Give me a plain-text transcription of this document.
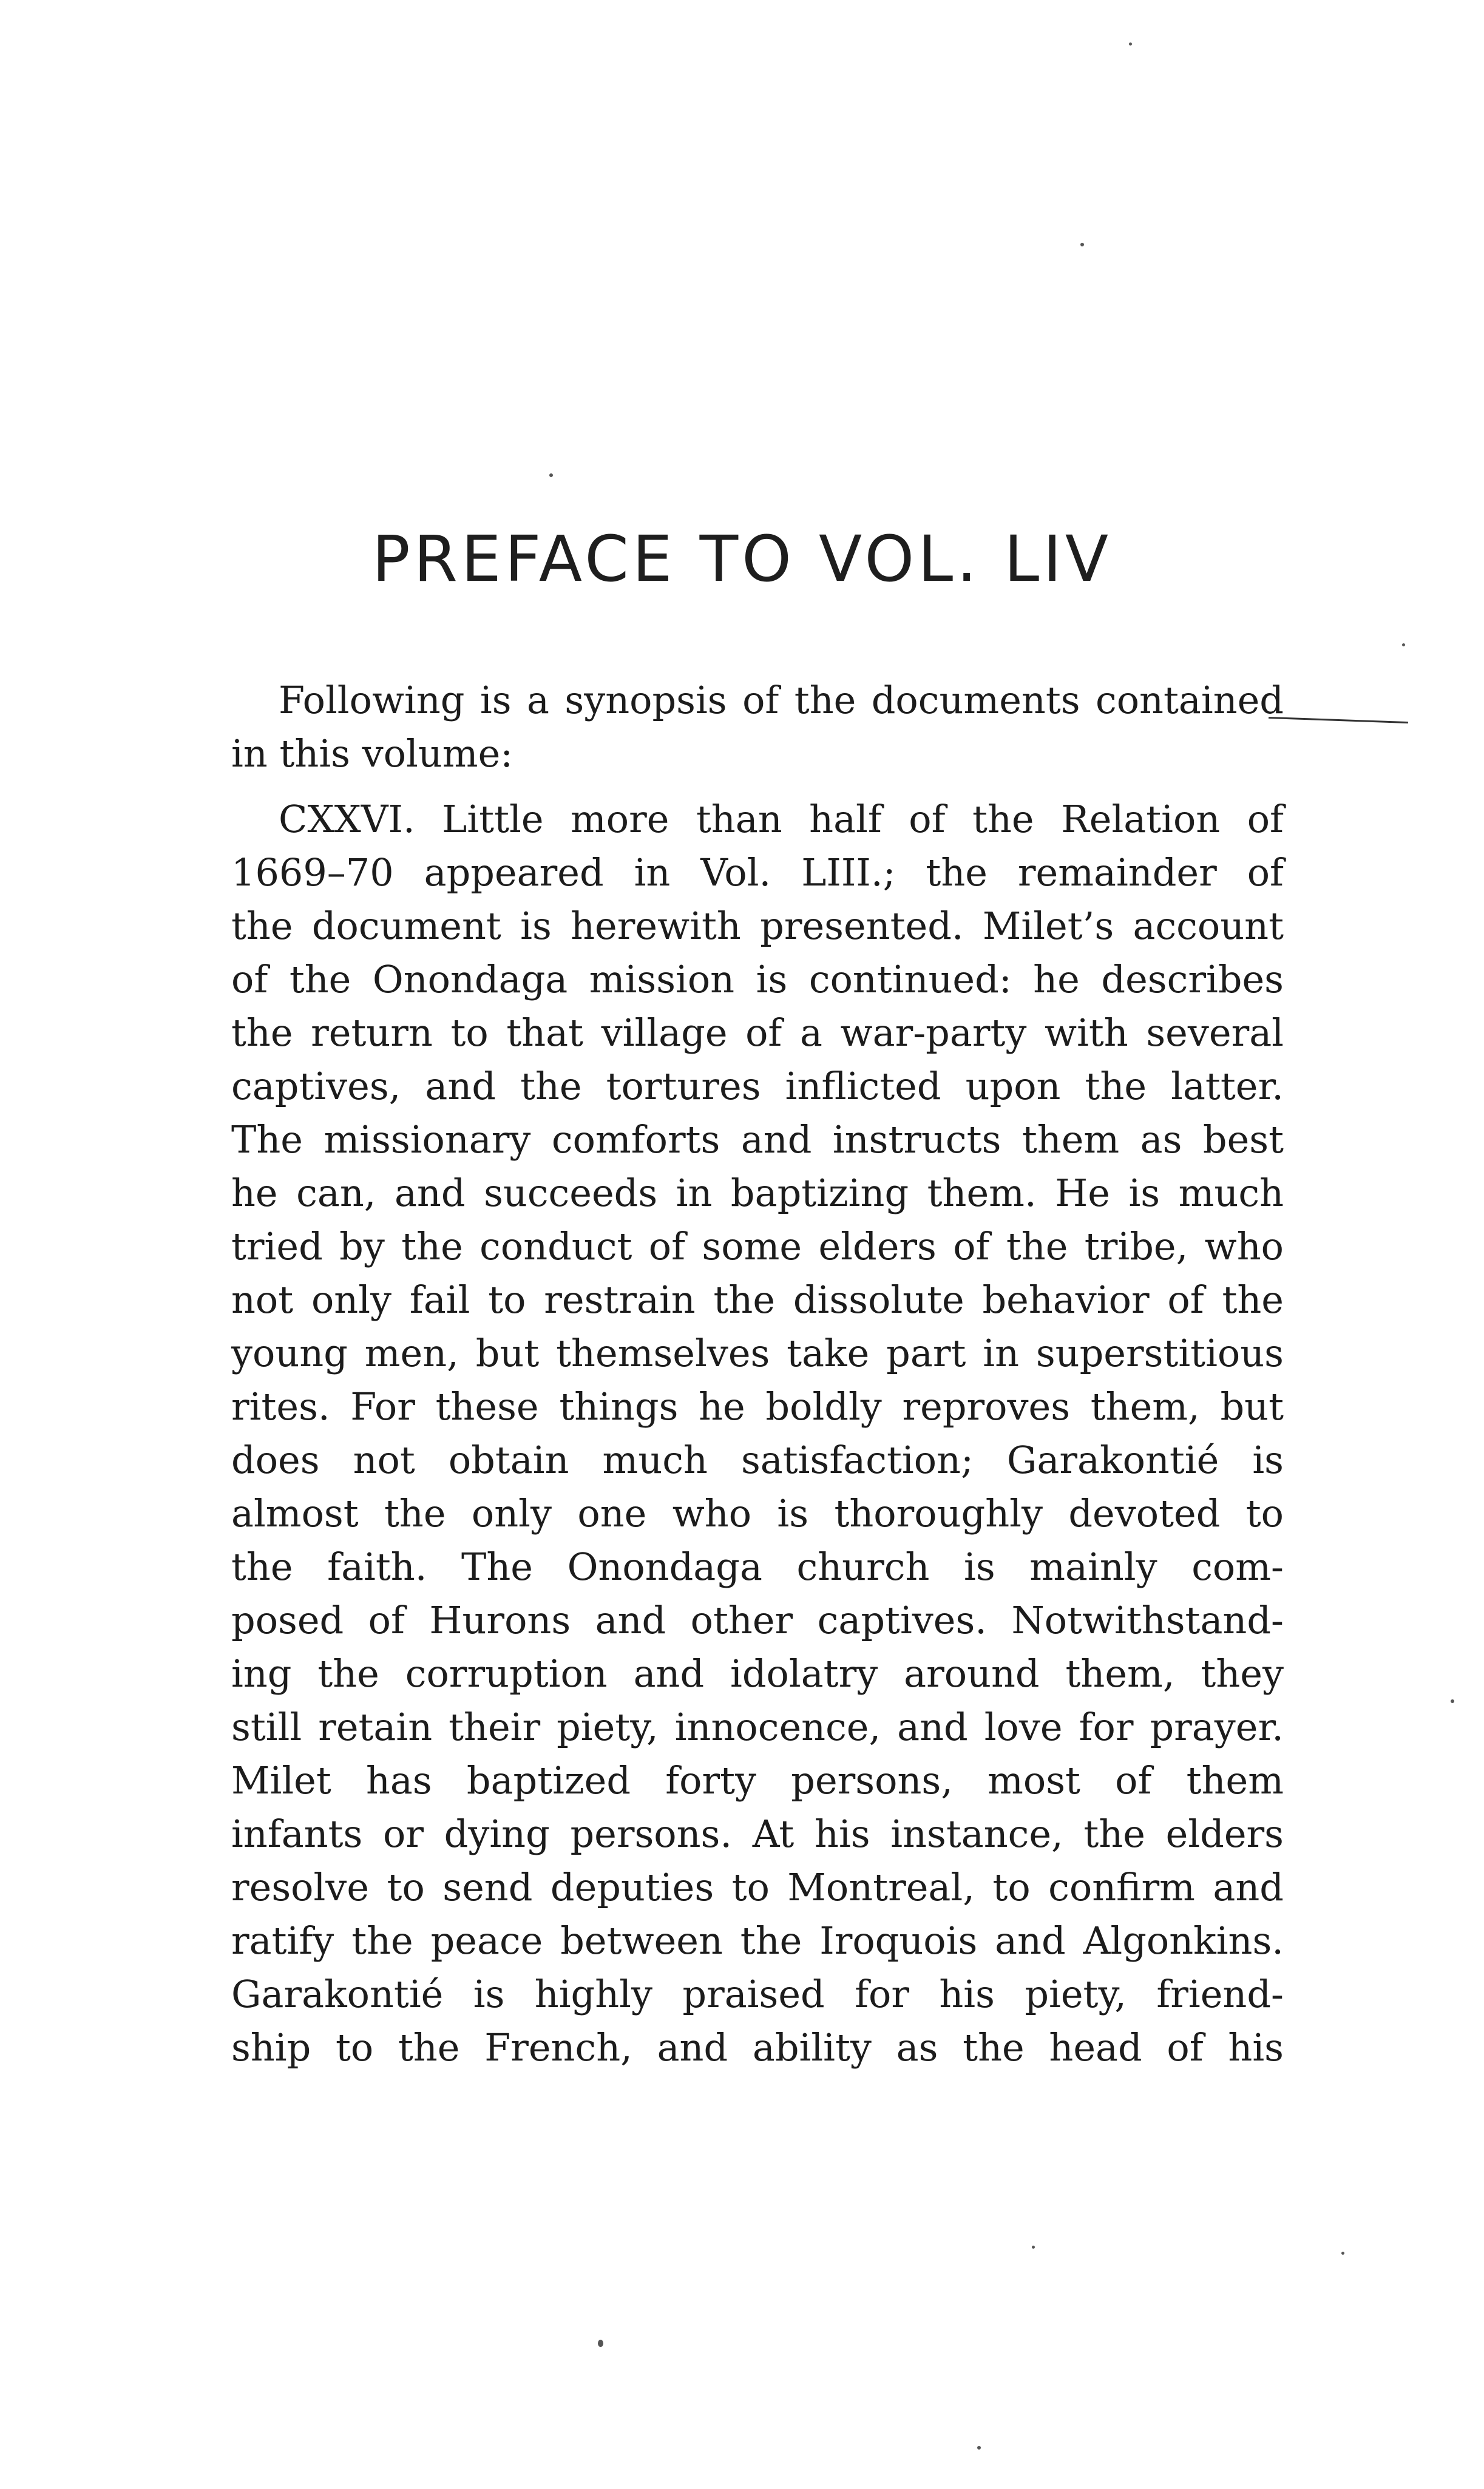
PREFACE TO VOL. LIV
Following is a synopsis of the documents contained
in this volume:
CXXVI. Little more than half of the Relation of
1669–70 appeared in Vol. LIII.; the remainder of
the document is herewith presented. Milet’s account
of the Onondaga mission is continued: he describes
the return to that village of a war-party with several
captives, and the tortures inflicted upon the latter.
The missionary comforts and instructs them as best
he can, and succeeds in baptizing them. He is much
tried by the conduct of some elders of the tribe, who
not only fail to restrain the dissolute behavior of the
young men, but themselves take part in superstitious
rites. For these things he boldly reproves them, but
does not obtain much satisfaction; Garakontié is
almost the only one who is thoroughly devoted to
the faith. The Onondaga church is mainly com-
posed of Hurons and other captives. Notwithstand-
ing the corruption and idolatry around them, they
still retain their piety, innocence, and love for prayer.
Milet has baptized forty persons, most of them
infants or dying persons. At his instance, the elders
resolve to send deputies to Montreal, to confirm and
ratify the peace between the Iroquois and Algonkins.
Garakontié is highly praised for his piety, friend-
ship to the French, and ability as the head of his
